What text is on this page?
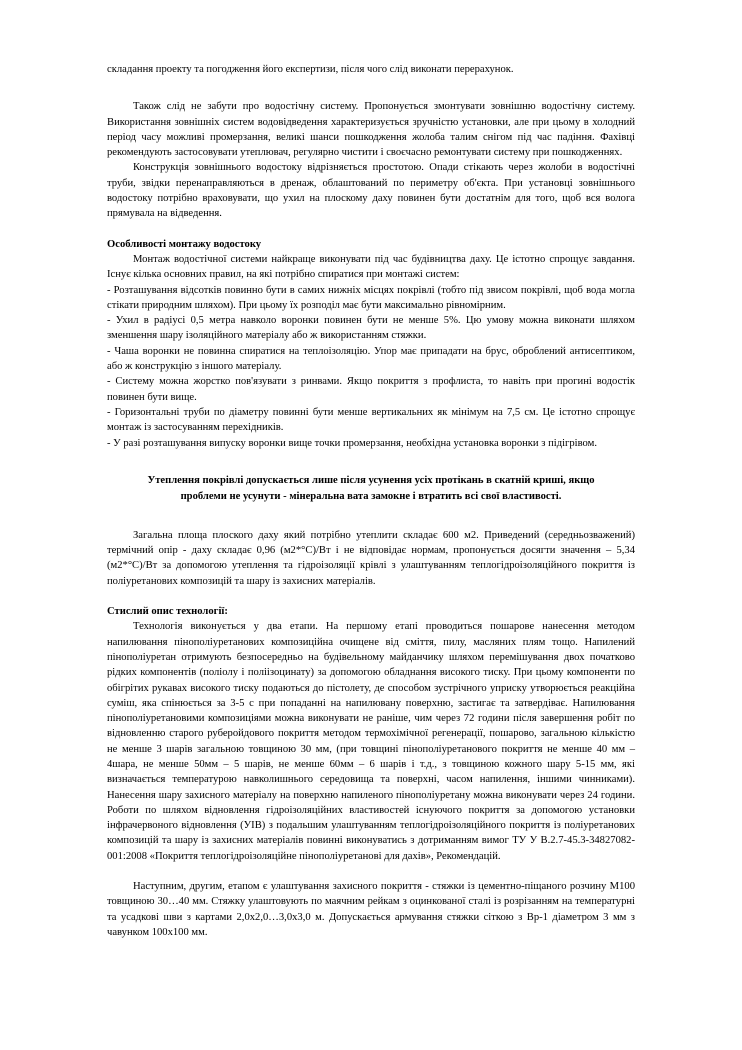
складання проекту та погодження його експертизи, після чого слід виконати перерахунок.

Також слід не забути про водостічну систему. Пропонується змонтувати зовнішню водостічну систему. Використання зовнішніх систем водовідведення характеризується зручністю установки, але при цьому в холодний період часу можливі промерзання, великі шанси пошкодження жолоба талим снігом під час падіння. Фахівці рекомендують застосовувати утеплювач, регулярно чистити і своєчасно ремонтувати систему при пошкодженнях.

Конструкція зовнішнього водостоку відрізняється простотою. Опади стікають через жолоби в водостічні труби, звідки перенаправляються в дренаж, облаштований по периметру об'єкта. При установці зовнішнього водостоку потрібно враховувати, що ухил на плоскому даху повинен бути достатнім для того, щоб вся волога прямувала на відведення.

Особливості монтажу водостоку

Монтаж водостічної системи найкраще виконувати під час будівництва даху. Це істотно спрощує завдання. Існує кілька основних правил, на які потрібно спиратися при монтажі систем:

- Розташування відсотків повинно бути в самих нижніх місцях покрівлі (тобто під звисом покрівлі, щоб вода могла стікати природним шляхом). При цьому їх розподіл має бути максимально рівномірним.

- Ухил в радіусі 0,5 метра навколо воронки повинен бути не менше 5%. Цю умову можна виконати шляхом зменшення шару ізоляційного матеріалу або ж використанням стяжки.

- Чаша воронки не повинна спиратися на теплоізоляцію. Упор має припадати на брус, оброблений антисептиком, або ж конструкцію з іншого матеріалу.

- Систему можна жорстко пов'язувати з ринвами. Якщо покриття з профлиста, то навіть при прогині водостік повинен бути вище.

- Горизонтальні труби по діаметру повинні бути менше вертикальних як мінімум на 7,5 см. Це істотно спрощує монтаж із застосуванням перехідників.

- У разі розташування випуску воронки вище точки промерзання, необхідна установка воронки з підігрівом.

Утеплення покрівлі допускається лише після усунення усіх протікань в скатній криші, якщо проблеми не усунути - мінеральна вата замокне і втратить всі свої властивості.

Загальна площа плоского даху який потрібно утеплити складає 600 м2. Приведений (середньозважений) термічний опір - даху складає 0,96 (м2*°С)/Вт і не відповідає нормам, пропонується досягти значення – 5,34 (м2*°С)/Вт за допомогою утеплення та гідроізоляції крівлі з улаштуванням теплогідроізоляційного покриття із поліуретанових композицій та шару із захисних матеріалів.

Стислий опис технології:

Технологія виконується у два етапи. На першому етапі проводиться пошарове нанесення методом напилювання пінополіуретанових композиційна очищене від сміття, пилу, масляних плям тощо. Напилений пінополіуретан отримують безпосередньо на будівельному майданчику шляхом перемішування двох початково рідких компонентів (поліолу і поліізоцинату) за допомогою обладнання високого тиску. При цьому компоненти по обігрітих рукавах високого тиску подаються до пістолету, де способом зустрічного уприску утворюється реакційна суміш, яка спінюється за 3-5 с при попаданні на напилювану поверхню, застигає та затвердіває. Напилювання пінополіуретановими композиціями можна виконувати не раніше, чим через 72 години після завершення робіт по відновленню старого руберойдового покриття методом термохімічної регенерації, пошарово, загальною кількістю не менше 3 шарів загальною товщиною 30 мм, (при товщині пінополіуретанового покриття не менше 40 мм – 4шара, не менше 50мм – 5 шарів, не менше 60мм – 6 шарів і т.д., з товщиною кожного шару 5-15 мм, які визначається температурою навколишнього середовища та поверхні, часом напилення, іншими чинниками). Нанесення шару захисного матеріалу на поверхню напиленого пінополіуретану можна виконувати через 24 години. Роботи по шляхом відновлення гідроізоляційних властивостей існуючого покриття за допомогою установки інфрачервоного відновлення (УІВ) з подальшим улаштуванням теплогідроізоляційного покриття із поліуретанових композицій та шару із захисних матеріалів повинні виконуватись з дотриманням вимог ТУ У В.2.7-45.3-34827082-001:2008 «Покриття теплогідроізоляційне пінополіуретанові для дахів», Рекомендацій.

Наступним, другим, етапом є улаштування захисного покриття - стяжки із цементно-піщаного розчину М100 товщиною 30…40 мм. Стяжку улаштовують по маячним рейкам з оцинкованої сталі із розрізанням на температурні та усадкові шви з картами 2,0х2,0…3,0х3,0 м. Допускається армування стяжки сіткою з Вр-1 діаметром 3 мм з чавунком 100х100 мм.
